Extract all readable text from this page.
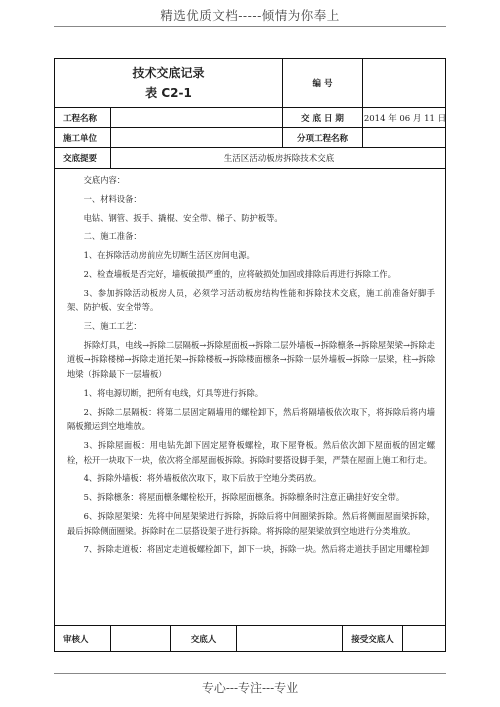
精选优质文档-----倾情为你奉上
技术交底记录
表 C2-1
编 号
工程名称	交 底 日 期	2014 年 06 月 11 日
施工单位	分项工程名称
交底提要	生活区活动板房拆除技术交底

交底内容：

一、材料设备：

电钻、钢管、扳手、撬棍、安全带、梯子、防护板等。

二、施工准备：

1、在拆除活动房前应先切断生活区房间电源。

2、检查墙板是否完好，墙板破损严重的，应将破损处加固或排除后再进行拆除工作。

3、参加拆除活动板房人员，必须学习活动板房结构性能和拆除技术交底，施工前准备好脚手架、防护板、安全带等。

三、施工工艺：

拆除灯具，电线→拆除二层隔板→拆除屋面板→拆除二层外墙板→拆除檩条→拆除屋架梁→拆除走道板→拆除楼梯→拆除走道托架→拆除楼板→拆除楼面檩条→拆除一层外墙板→拆除一层梁，柱→拆除地梁（拆除最下一层墙板）

1、将电源切断，把所有电线，灯具等进行拆除。

2、拆除二层隔板：将第二层固定隔墙用的螺栓卸下，然后将隔墙板依次取下，将拆除后将内墙隔板搬运到空地堆放。

3、拆除屋面板：用电钻先卸下固定屋脊板螺栓，取下屋脊板。然后依次卸下屋面板的固定螺栓，松开一块取下一块，依次将全部屋面板拆除。拆除时要搭设脚手架，严禁在屋面上施工和行走。

4、拆除外墙板：将外墙板依次取下，取下后放于空地分类码放。

5、拆除檩条：将屋面檩条螺栓松开，拆除屋面檩条。拆除檩条时注意正确挂好安全带。

6、拆除屋架梁：先将中间屋架梁进行拆除，拆除后将中间圈梁拆除。然后将侧面屋面梁拆除，最后拆除侧面圈梁。拆除时在二层搭设架子进行拆除。将拆除的屋架梁放到空地进行分类堆放。

7、拆除走道板：将固定走道板螺栓卸下，卸下一块，拆除一块。然后将走道扶手固定用螺栓卸

审核人	交底人	接受交底人
专心---专注---专业
